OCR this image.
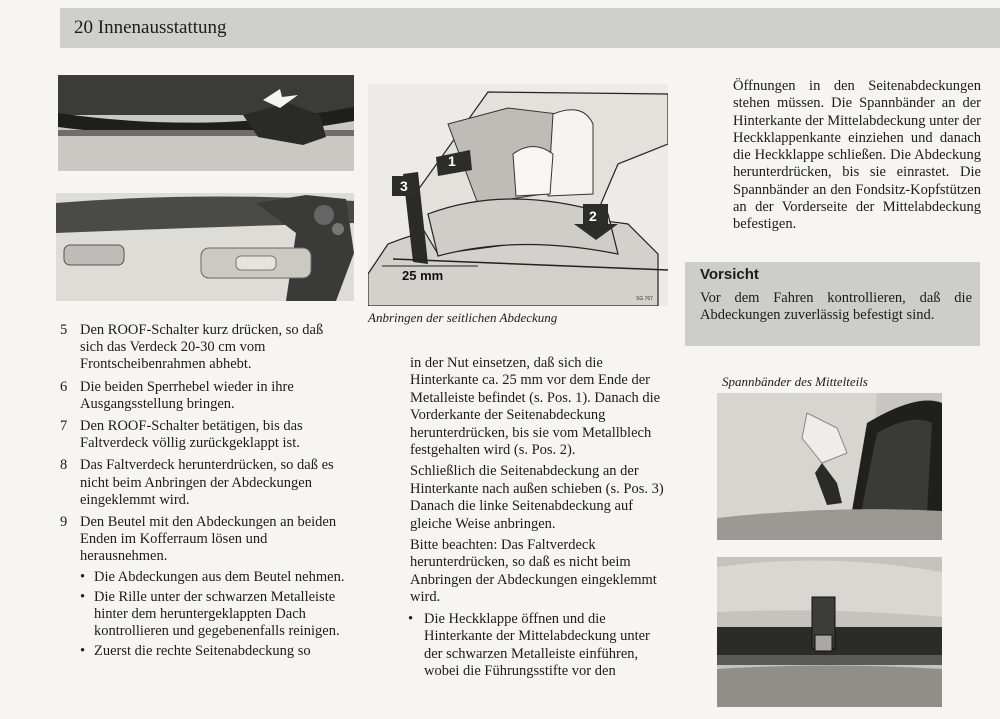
20 Innenausstattung
1
2
3
25 mm
SG 767
Anbringen der seitlichen Abdeckung
5 Den ROOF-Schalter kurz drücken, so daß sich das Verdeck 20-30 cm vom Frontscheibenrahmen abhebt.
6 Die beiden Sperrhebel wieder in ihre Ausgangsstellung bringen.
7 Den ROOF-Schalter betätigen, bis das Faltverdeck völlig zurückgeklappt ist.
8 Das Faltverdeck herunterdrücken, so daß es nicht beim Anbringen der Abdeckungen eingeklemmt wird.
9 Den Beutel mit den Abdeckungen an beiden Enden im Kofferraum lösen und herausnehmen.
• Die Abdeckungen aus dem Beutel nehmen.
• Die Rille unter der schwarzen Metalleiste hinter dem heruntergeklappten Dach kontrollieren und gegebenenfalls reinigen.
• Zuerst die rechte Seitenabdeckung so

in der Nut einsetzen, daß sich die Hinterkante ca. 25 mm vor dem Ende der Metalleiste befindet (s. Pos. 1). Danach die Vorderkante der Seitenabdeckung herunterdrücken, bis sie vom Metallblech festgehalten wird (s. Pos. 2).

Schließlich die Seitenabdeckung an der Hinterkante nach außen schieben (s. Pos. 3) Danach die linke Seitenabdeckung auf gleiche Weise anbringen.

Bitte beachten: Das Faltverdeck herunterdrücken, so daß es nicht beim Anbringen der Abdeckungen eingeklemmt wird.

• Die Heckklappe öffnen und die Hinterkante der Mittelabdeckung unter der schwarzen Metalleiste einführen, wobei die Führungsstifte vor den

Öffnungen in den Seitenabdeckungen stehen müssen. Die Spannbänder an der Hinterkante der Mittelabdeckung unter der Heckklappenkante einziehen und danach die Heckklappe schließen. Die Abdeckung herunterdrücken, bis sie einrastet. Die Spannbänder an den Fondsitz-Kopfstützen an der Vorderseite der Mittelabdeckung befestigen.
Vorsicht
Vor dem Fahren kontrollieren, daß die Abdeckungen zuverlässig befestigt sind.
Spannbänder des Mittelteils
